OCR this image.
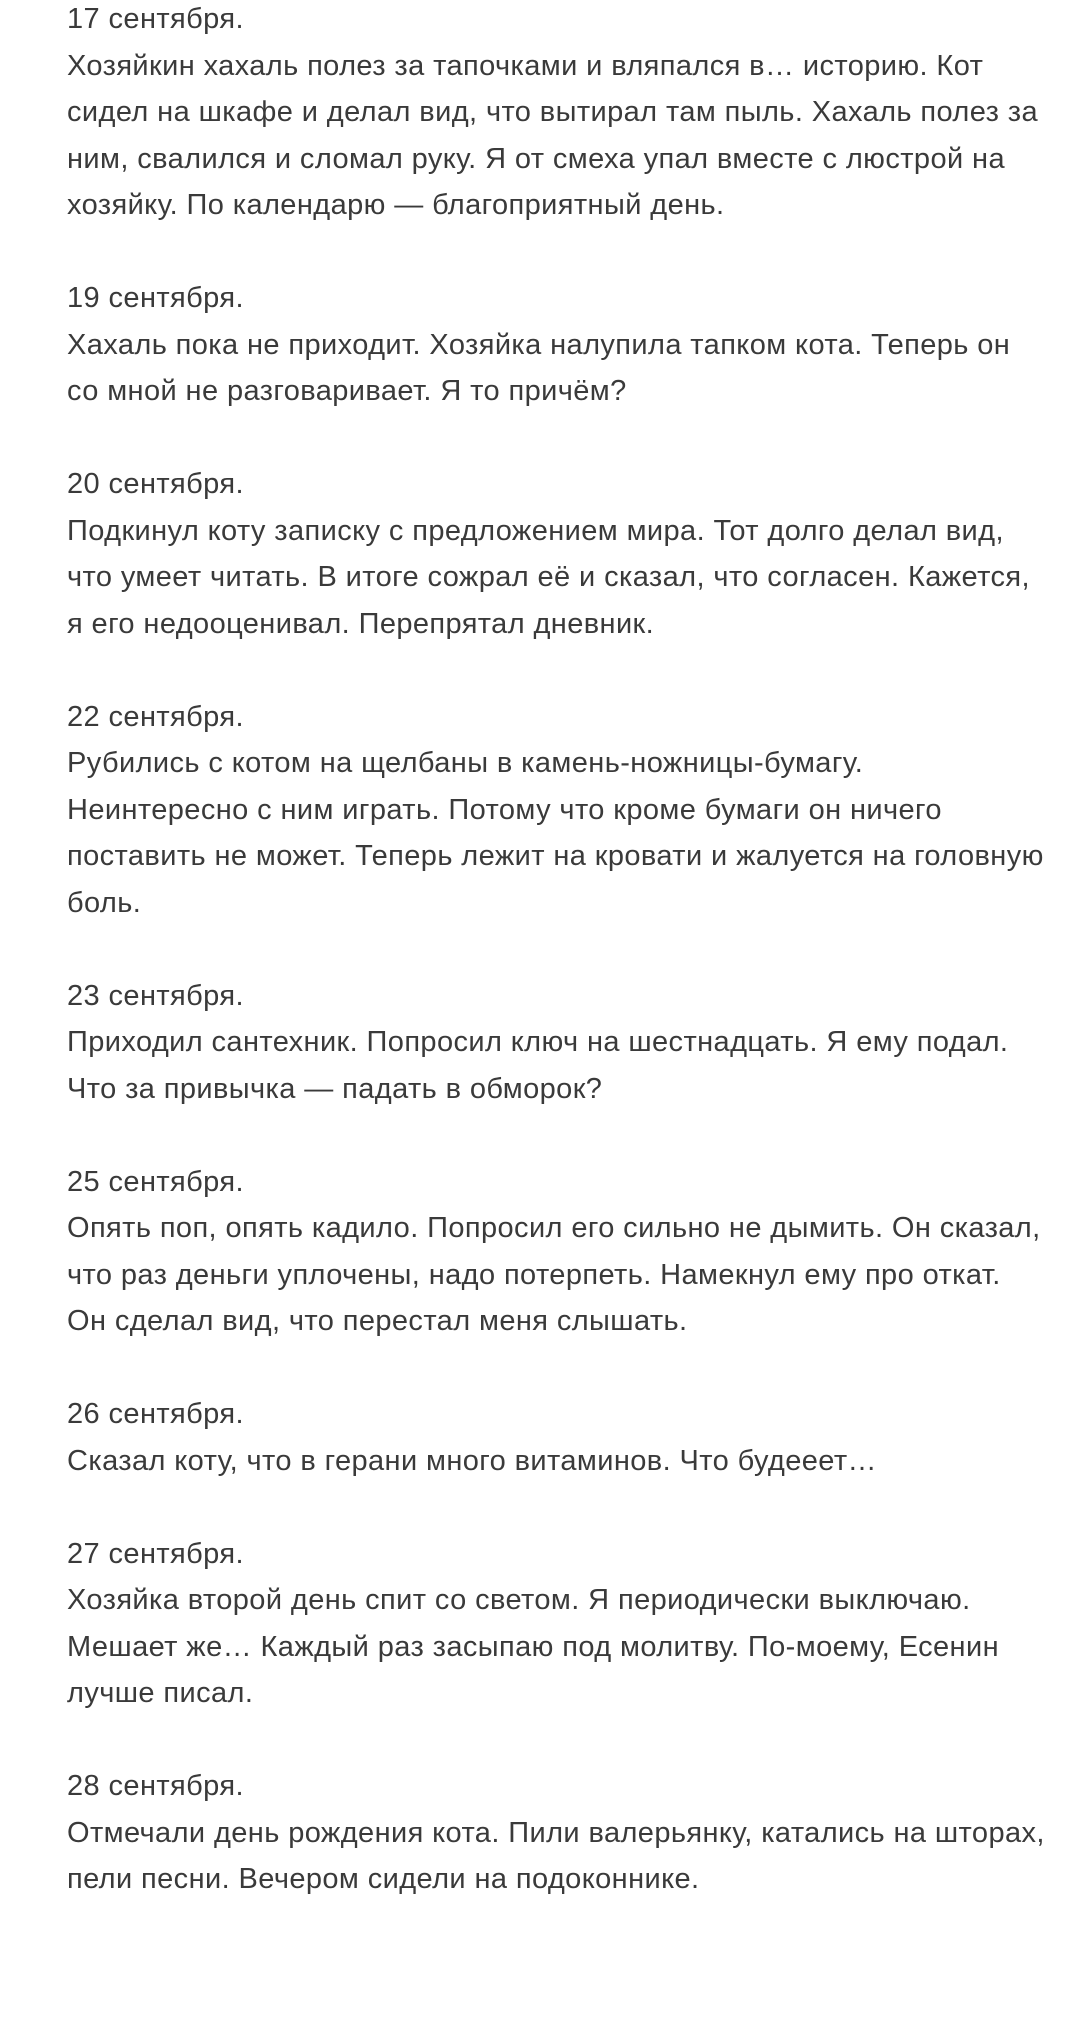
17 сентября.
Хозяйкин хахаль полез за тапочками и вляпался в… историю. Кот сидел на шкафе и делал вид, что вытирал там пыль. Хахаль полез за ним, свалился и сломал руку. Я от смеха упал вместе с люстрой на хозяйку. По календарю — благоприятный день.
19 сентября.
Хахаль пока не приходит. Хозяйка налупила тапком кота. Теперь он со мной не разговаривает. Я то причём?
20 сентября.
Подкинул коту записку с предложением мира. Тот долго делал вид, что умеет читать. В итоге сожрал её и сказал, что согласен. Кажется, я его недооценивал. Перепрятал дневник.
22 сентября.
Рубились с котом на щелбаны в камень-ножницы-бумагу. Неинтересно с ним играть. Потому что кроме бумаги он ничего поставить не может. Теперь лежит на кровати и жалуется на головную боль.
23 сентября.
Приходил сантехник. Попросил ключ на шестнадцать. Я ему подал. Что за привычка — падать в обморок?
25 сентября.
Опять поп, опять кадило. Попросил его сильно не дымить. Он сказал, что раз деньги уплочены, надо потерпеть. Намекнул ему про откат. Он сделал вид, что перестал меня слышать.
26 сентября.
Сказал коту, что в герани много витаминов. Что будееет…
27 сентября.
Хозяйка второй день спит со светом. Я периодически выключаю. Мешает же… Каждый раз засыпаю под молитву. По-моему, Есенин лучше писал.
28 сентября.
Отмечали день рождения кота. Пили валерьянку, катались на шторах, пели песни. Вечером сидели на подоконнике.
